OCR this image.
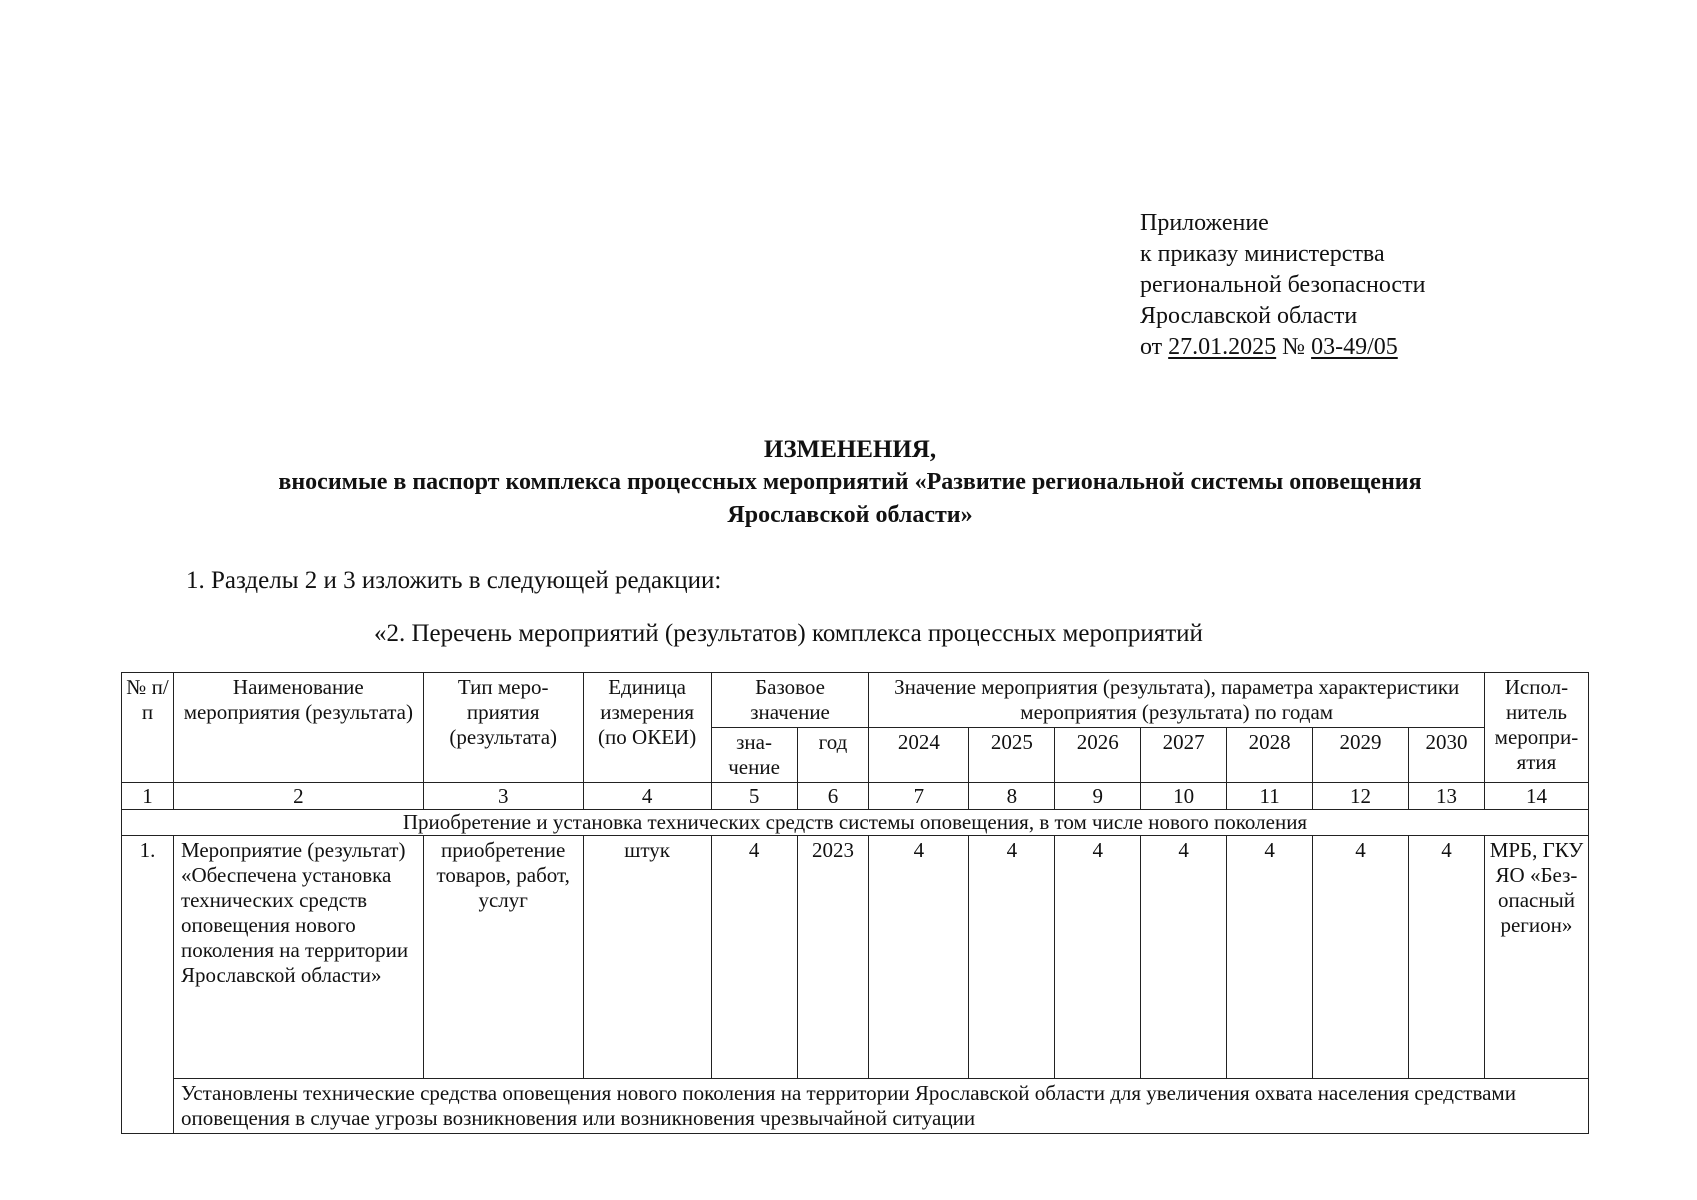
Приложение
к приказу министерства
региональной безопасности
Ярославской области
от 27.01.2025 № 03-49/05
ИЗМЕНЕНИЯ,
вносимые в паспорт комплекса процессных мероприятий «Развитие региональной системы оповещения
Ярославской области»
1. Разделы 2 и 3 изложить в следующей редакции:
«2. Перечень мероприятий (результатов) комплекса процессных мероприятий
№ п/п	Наименование мероприятия (результата)	Тип меро-приятия (результата)	Единица измерения (по ОКЕИ)	Базовое значение		Значение мероприятия (результата), параметра характеристики мероприятия (результата) по годам							Испол-нитель меропри-ятия
				зна-чение	год	2024	2025	2026	2027	2028	2029	2030	
1	2	3	4	5	6	7	8	9	10	11	12	13	14
Приобретение и установка технических средств системы оповещения, в том числе нового поколения													
1.	Мероприятие (результат) «Обеспечена установка технических средств оповещения нового поколения на территории Ярославской области»	приобретение товаров, работ, услуг	штук	4	2023	4	4	4	4	4	4	4	МРБ, ГКУ ЯО «Без-опасный регион»
	Установлены технические средства оповещения нового поколения на территории Ярославской области для увеличения охвата населения средствами оповещения в случае угрозы возникновения или возникновения чрезвычайной ситуации												
